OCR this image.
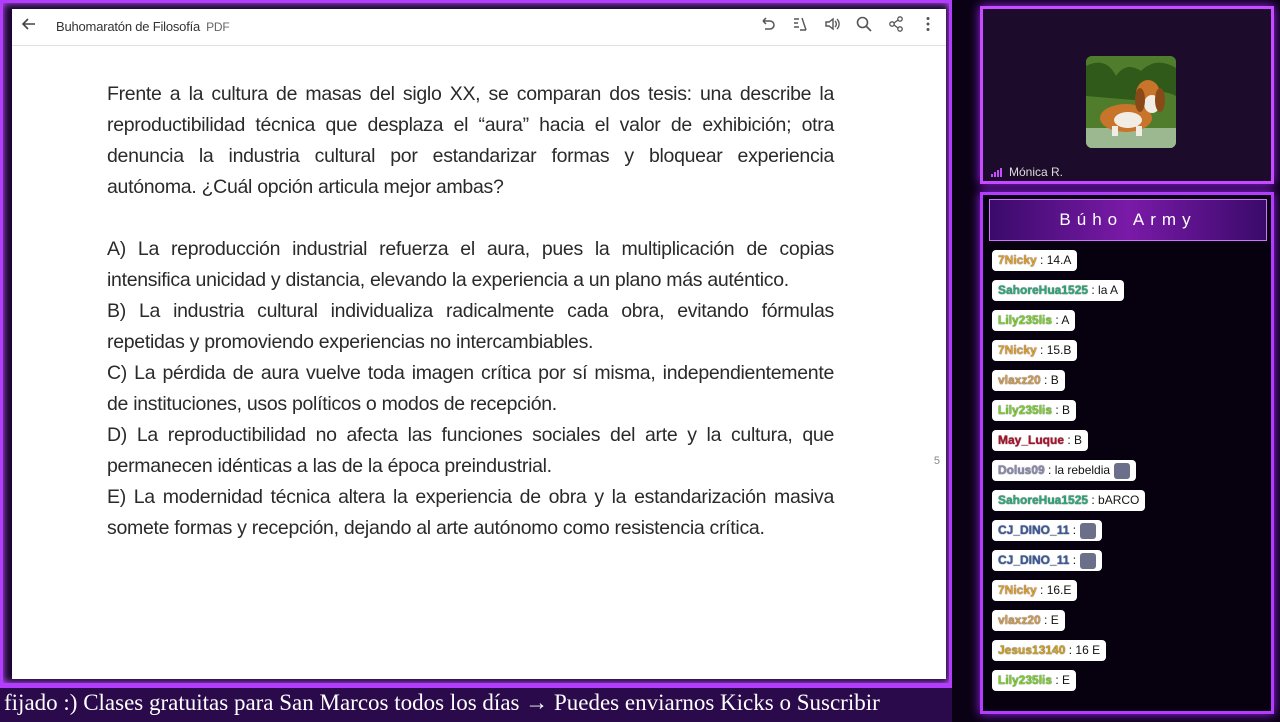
Buhomaratón de Filosofía PDF

Frente a la cultura de masas del siglo XX, se comparan dos tesis: una describe la reproductibilidad técnica que desplaza el “aura” hacia el valor de exhibición; otra denuncia la industria cultural por estandarizar formas y bloquear experiencia autónoma. ¿Cuál opción articula mejor ambas?

A) La reproducción industrial refuerza el aura, pues la multiplicación de copias intensifica unicidad y distancia, elevando la experiencia a un plano más auténtico.

B) La industria cultural individualiza radicalmente cada obra, evitando fórmulas repetidas y promoviendo experiencias no intercambiables.

C) La pérdida de aura vuelve toda imagen crítica por sí misma, independientemente de instituciones, usos políticos o modos de recepción.

D) La reproductibilidad no afecta las funciones sociales del arte y la cultura, que permanecen idénticas a las de la época preindustrial.

E) La modernidad técnica altera la experiencia de obra y la estandarización masiva somete formas y recepción, dejando al arte autónomo como resistencia crítica.

5
fijado :) Clases gratuitas para San Marcos todos los días → Puedes enviarnos Kicks o Suscribir
Mónica R.
Búho Army
7Nicky : 14.A
SahoreHua1525 : la A
Lily235lis : A
7Nicky : 15.B
vlaxz20 : B
Lily235lis : B
May_Luque : B
Dolus09 : la rebeldia
SahoreHua1525 : bARCO
CJ_DINO_11 :
CJ_DINO_11 :
7Nicky : 16.E
vlaxz20 : E
Jesus13140 : 16 E
Lily235lis : E
